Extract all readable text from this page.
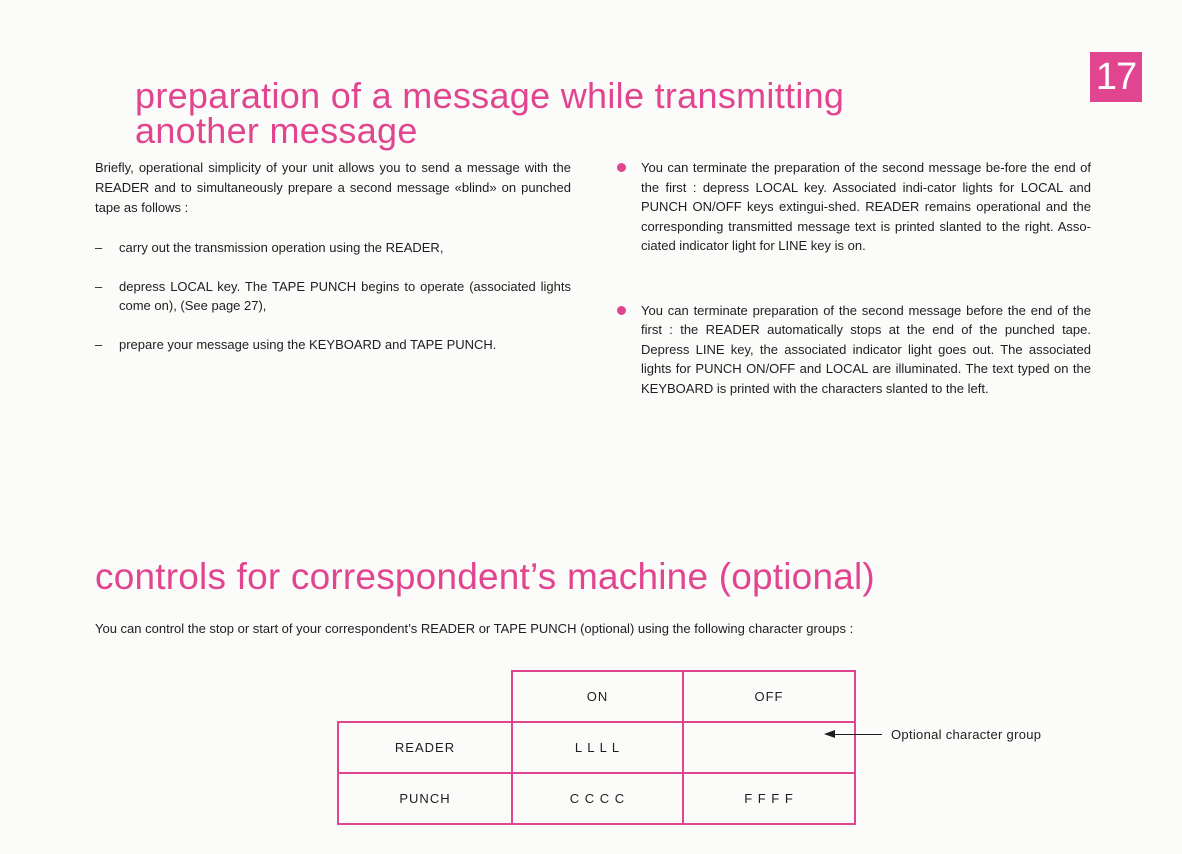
17
preparation of a message while transmitting
another message

Briefly, operational simplicity of your unit allows you to send a message with the READER and to simultaneously prepare a second message «blind» on punched tape as follows :

– carry out the transmission operation using the READER,
– depress LOCAL key. The TAPE PUNCH begins to operate (associated lights come on), (See page 27),
– prepare your message using the KEYBOARD and TAPE PUNCH.
You can terminate the preparation of the second message be-fore the end of the first : depress LOCAL key. Associated indi-cator lights for LOCAL and PUNCH ON/OFF keys extingui-shed. READER remains operational and the corresponding transmitted message text is printed slanted to the right. Asso-ciated indicator light for LINE key is on.
You can terminate preparation of the second message before the end of the first : the READER automatically stops at the end of the punched tape. Depress LINE key, the associated indicator light goes out. The associated lights for PUNCH ON/OFF and LOCAL are illuminated. The text typed on the KEYBOARD is printed with the characters slanted to the left.
controls for correspondent’s machine (optional)

You can control the stop or start of your correspondent’s READER or TAPE PUNCH (optional) using the following character groups :

	ON	OFF
READER	L L L L	
PUNCH	C C C C	F F F F
Optional character group
